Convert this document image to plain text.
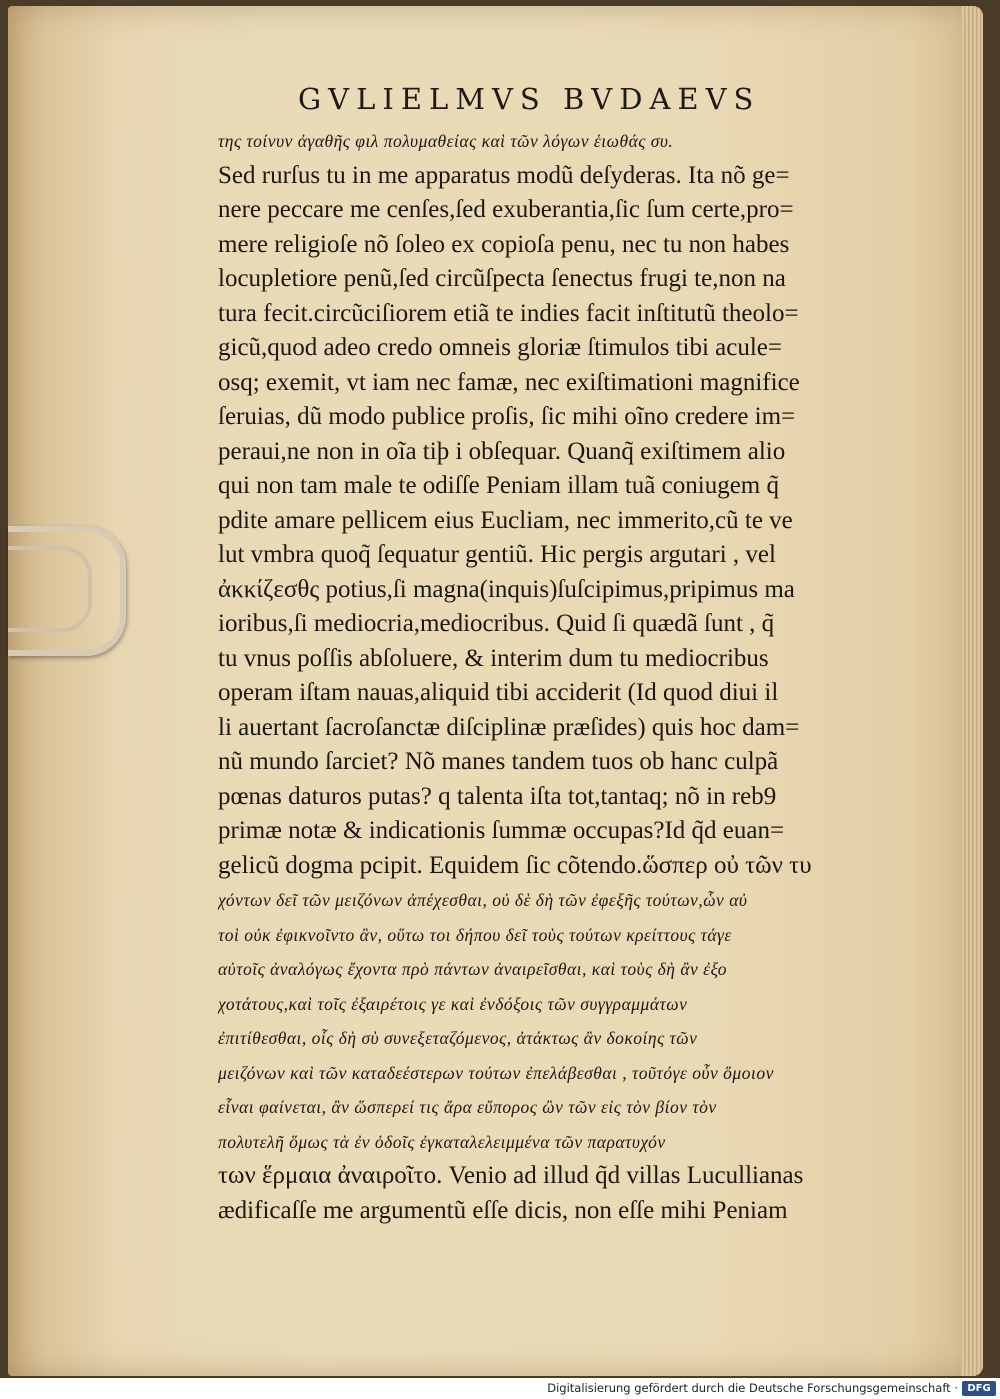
GVLIELMVS BVDAEVS
της τοίνυν ἀγαθῆς φιλ πολυμαθείας καὶ τῶν λόγων ἑιωθάς συ.
Sed rurſus tu in me apparatus modũ deſyderas. Ita nõ ge=
nere peccare me cenſes,ſed exuberantia,ſic ſum certe,pro=
mere religioſe nõ ſoleo ex copioſa penu, nec tu non habes
locupletiore penũ,ſed circũſpecta ſenectus frugi te,non na
tura fecit.circũciſiorem etiã te indies facit inſtitutũ theolo=
gicũ,quod adeo credo omneis gloriæ ſtimulos tibi acule=
osq; exemit, vt iam nec famæ, nec exiſtimationi magnifice
ſeruias, dũ modo publice proſis, ſic mihi oĩno credere im=
peraui,ne non in oĩa tiþ i obſequar. Quanq̃ exiſtimem alio
qui non tam male te odiſſe Peniam illam tuã coniugem q̃
pdite amare pellicem eius Eucliam, nec immerito,cũ te ve
lut vmbra quoq̃ ſequatur gentiũ. Hic pergis argutari , vel
ἀκκίζεσθς potius,ſi magna(inquis)ſuſcipimus,pripimus ma
ioribus,ſi mediocria,mediocribus. Quid ſi quædã ſunt , q̃
tu vnus poſſis abſoluere, & interim dum tu mediocribus
operam iſtam nauas,aliquid tibi acciderit (Id quod diui il
li auertant ſacroſanctæ diſciplinæ præſides) quis hoc dam=
nũ mundo ſarciet? Nõ manes tandem tuos ob hanc culpã
pœnas daturos putas? q talenta iſta tot,tantaq; nõ in reb9
primæ notæ & indicationis ſummæ occupas?Id q̃d euan=
gelicũ dogma pcipit. Equidem ſic cõtendo.ὥσπερ οὐ τῶν τυ
χόντων δεῖ τῶν μειζόνων ἀπέχεσθαι, οὐ δὲ δὴ τῶν ἐφεξῆς τούτων,ὧν αὐ
τοὶ οὐκ ἐφικνοῖντο ἂν, οὕτω τοι δήπου δεῖ τοὺς τούτων κρείττους τάγε
αὐτοῖς ἀναλόγως ἔχοντα πρὸ πάντων ἀναιρεῖσθαι, καὶ τοὺς δὴ ἂν ἐξο
χοτάτους,καὶ τοῖς ἐξαιρέτοις γε καὶ ἐνδόξοις τῶν συγγραμμάτων
ἐπιτίθεσθαι, οἷς δὴ σὺ συνεξεταζόμενος, ἀτάκτως ἂν δοκοίης τῶν
μειζόνων καὶ τῶν καταδεέστερων τούτων ἐπελάβεσθαι , τοῦτόγε οὖν ὅμοιον
εἶναι φαίνεται, ἂν ὥσπερεί τις ἄρα εὔπορος ὢν τῶν εἰς τὸν βίον τὸν
πολυτελῆ ὅμως τὰ ἐν ὁδοῖς ἐγκαταλελειμμένα τῶν παρατυχόν
των ἕρμαια ἀναιροῖτο. Venio ad illud q̃d villas Lucullianas
ædificaſſe me argumentũ eſſe dicis, non eſſe mihi Peniam
Digitalisierung gefördert durch die Deutsche Forschungsgemeinschaft · DFG
